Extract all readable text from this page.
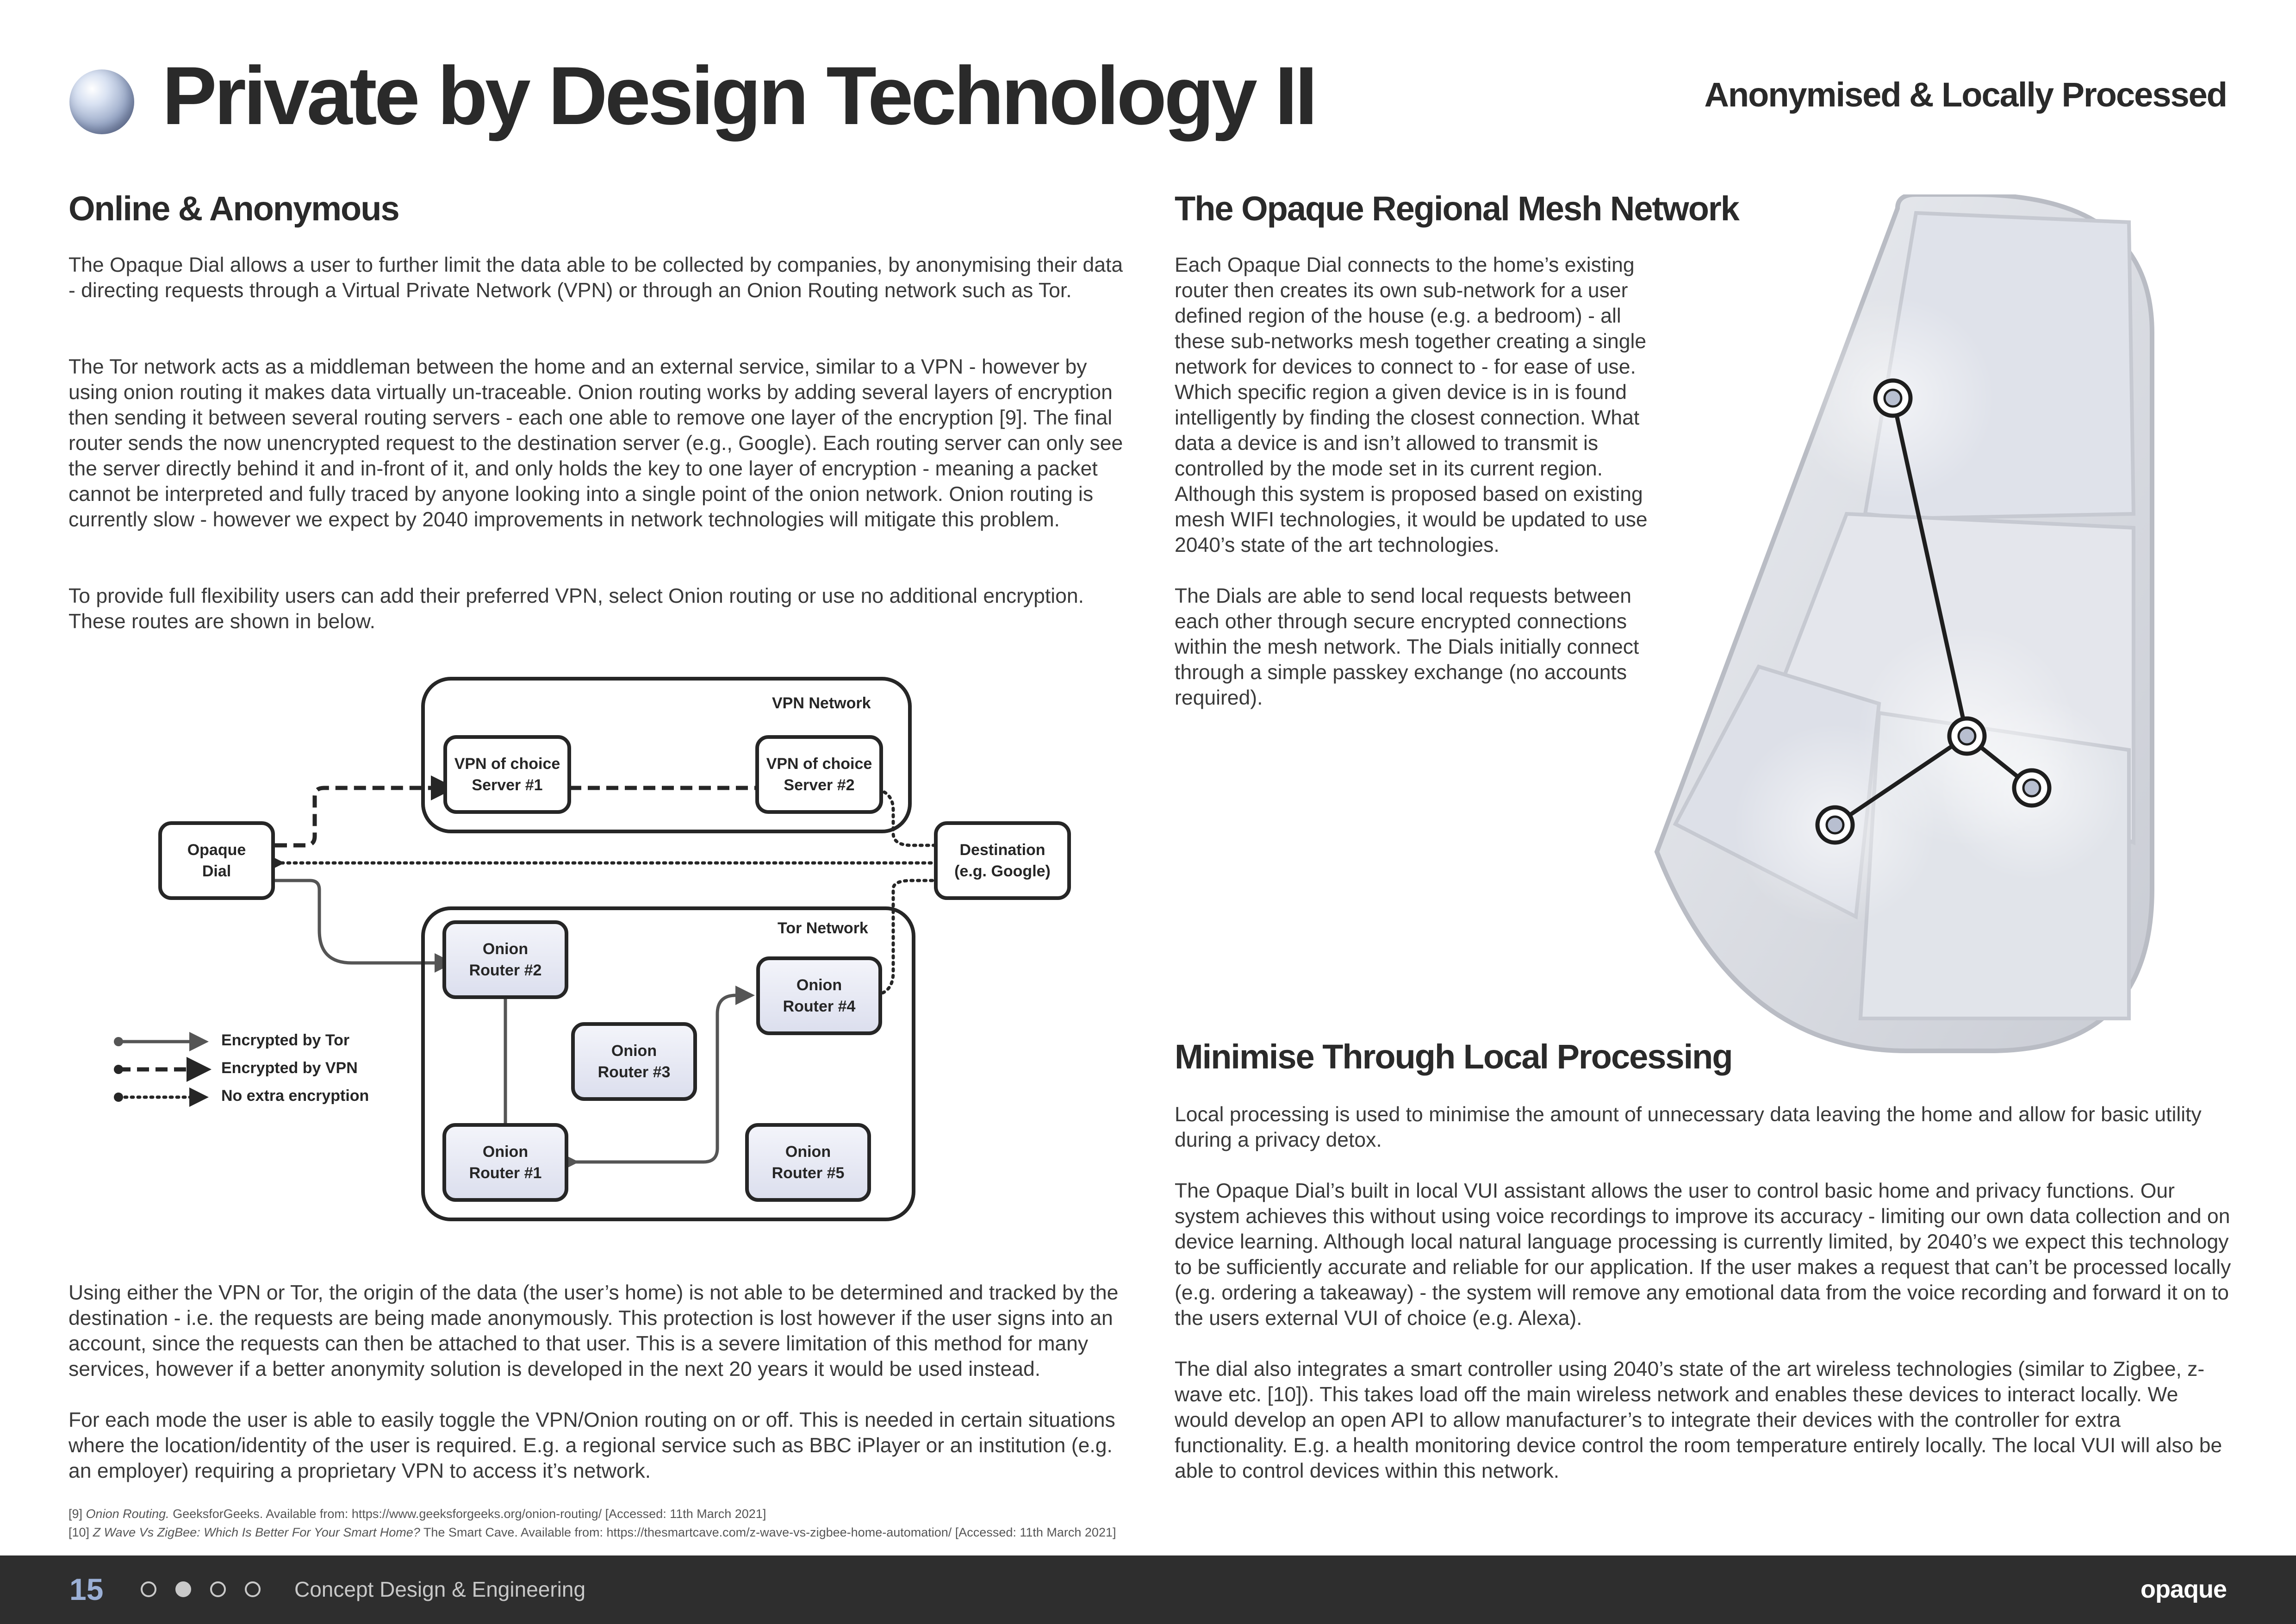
Private by Design Technology II	Anonymised & Locally Processed
Online & Anonymous

The Opaque Dial allows a user to further limit the data able to be collected by companies, by anonymising their data - directing requests through a Virtual Private Network (VPN) or through an Onion Routing network such as Tor.

The Tor network acts as a middleman between the home and an external service, similar to a VPN - however by using onion routing it makes data virtually un-traceable. Onion routing works by adding several layers of encryption then sending it between several routing servers - each one able to remove one layer of the encryption [9]. The final router sends the now unencrypted request to the destination server (e.g., Google). Each routing server can only see the server directly behind it and in-front of it, and only holds the key to one layer of encryption - meaning a packet cannot be interpreted and fully traced by anyone looking into a single point of the onion network. Onion routing is currently slow - however we expect by 2040 improvements in network technologies will mitigate this problem.

To provide full flexibility users can add their preferred VPN, select Onion routing or use no additional encryption. These routes are shown in below.

VPN Network
Tor Network
Opaque
Dial
VPN of choice
Server #1
VPN of choice
Server #2
Destination
(e.g. Google)
Onion
Router #2
Onion
Router #4
Onion
Router #3
Onion
Router #1
Onion
Router #5
Encrypted by Tor
Encrypted by VPN
No extra encryption

Using either the VPN or Tor, the origin of the data (the user’s home) is not able to be determined and tracked by the destination - i.e. the requests are being made anonymously. This protection is lost however if the user signs into an account, since the requests can then be attached to that user. This is a severe limitation of this method for many services, however if a better anonymity solution is developed in the next 20 years it would be used instead.

For each mode the user is able to easily toggle the VPN/Onion routing on or off. This is needed in certain situations where the location/identity of the user is required. E.g. a regional service such as BBC iPlayer or an institution (e.g. an employer) requiring a proprietary VPN to access it’s network.

The Opaque Regional Mesh Network

Each Opaque Dial connects to the home’s existing router then creates its own sub-network for a user defined region of the house (e.g. a bedroom) - all these sub-networks mesh together creating a single network for devices to connect to - for ease of use. Which specific region a given device is in is found intelligently by finding the closest connection. What data a device is and isn’t allowed to transmit is controlled by the mode set in its current region. Although this system is proposed based on existing mesh WIFI technologies, it would be updated to use 2040’s state of the art technologies.

The Dials are able to send local requests between each other through secure encrypted connections within the mesh network. The Dials initially connect through a simple passkey exchange (no accounts required).

Minimise Through Local Processing

Local processing is used to minimise the amount of unnecessary data leaving the home and allow for basic utility during a privacy detox.

The Opaque Dial’s built in local VUI assistant allows the user to control basic home and privacy functions. Our system achieves this without using voice recordings to improve its accuracy - limiting our own data collection and on device learning. Although local natural language processing is currently limited, by 2040’s we expect this technology to be sufficiently accurate and reliable for our application. If the user makes a request that can’t be processed locally (e.g. ordering a takeaway) - the system will remove any emotional data from the voice recording and forward it on to the users external VUI of choice (e.g. Alexa).

The dial also integrates a smart controller using 2040’s state of the art wireless technologies (similar to Zigbee, z-wave etc. [10]). This takes load off the main wireless network and enables these devices to interact locally. We would develop an open API to allow manufacturer’s to integrate their devices with the controller for extra functionality. E.g. a health monitoring device control the room temperature entirely locally. The local VUI will also be able to control devices within this network.

[9] Onion Routing. GeeksforGeeks. Available from: https://www.geeksforgeeks.org/onion-routing/ [Accessed: 11th March 2021]
[10] Z Wave Vs ZigBee: Which Is Better For Your Smart Home? The Smart Cave. Available from: https://thesmartcave.com/z-wave-vs-zigbee-home-automation/ [Accessed: 11th March 2021]
15	Concept Design & Engineering	opaque
